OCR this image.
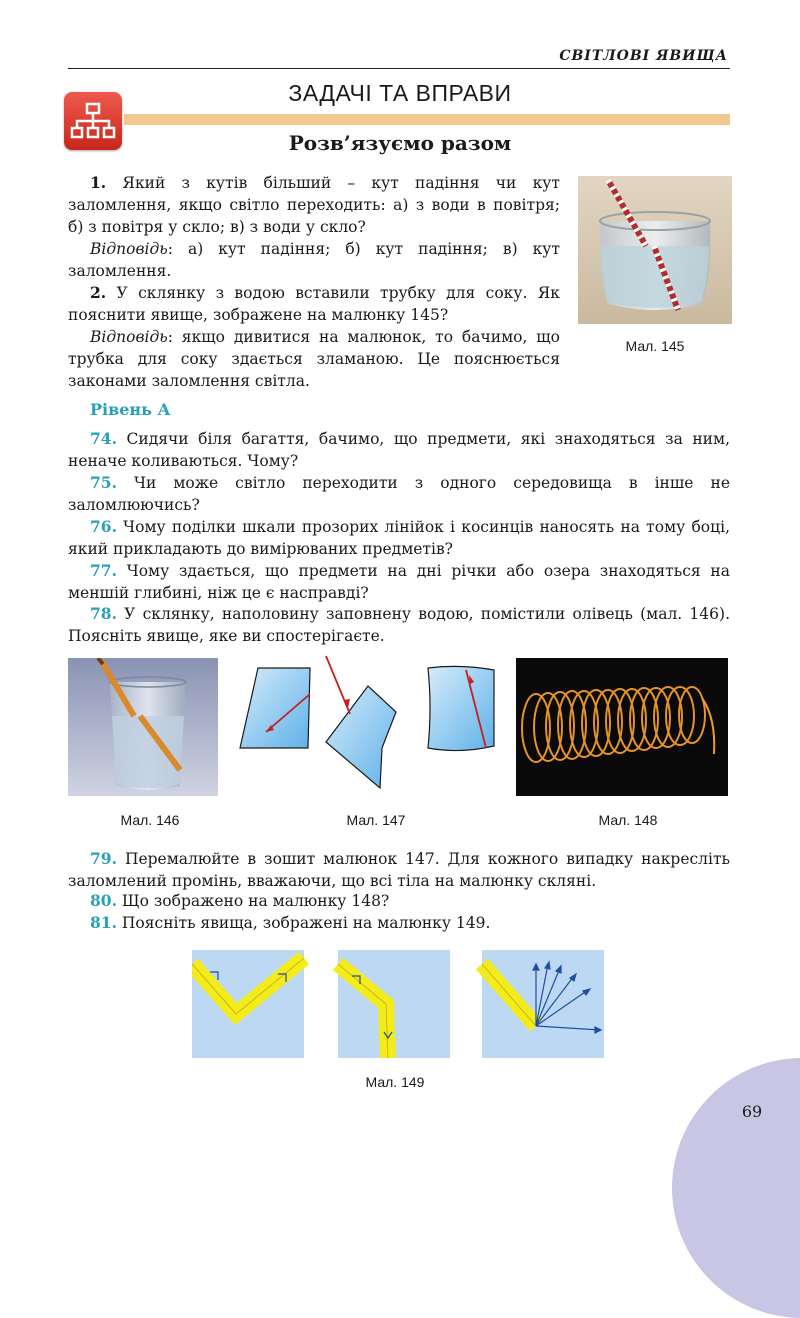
СВІТЛОВІ ЯВИЩА
ЗАДАЧІ ТА ВПРАВИ
Розв’язуємо разом

1. Який з кутів більший – кут падіння чи кут заломлення, якщо світло переходить: а) з води в повітря; б) з повітря у скло; в) з води у скло?

Відповідь: а) кут падіння; б) кут падіння; в) кут заломлення.

2. У склянку з водою вставили трубку для соку. Як пояснити явище, зображене на малюнку 145?

Відповідь: якщо дивитися на малюнок, то бачимо, що трубка для соку здається зламаною. Це пояснюється законами заломлення світла.

Мал. 145
Рівень А

74. Сидячи біля багаття, бачимо, що предмети, які знаходяться за ним, неначе коливаються. Чому?

75. Чи може світло переходити з одного середовища в інше не заломлюючись?

76. Чому поділки шкали прозорих лінійок і косинців наносять на тому боці, який прикладають до вимірюваних предметів?

77. Чому здається, що предмети на дні річки або озера знаходяться на меншій глибині, ніж це є насправді?

78. У склянку, наполовину заповнену водою, помістили олівець (мал. 146). Поясніть явище, яке ви спостерігаєте.

Мал. 146	Мал. 147	Мал. 148

79. Перемалюйте в зошит малюнок 147. Для кожного випадку накресліть заломлений промінь, вважаючи, що всі тіла на малюнку скляні.

80. Що зображено на малюнку 148?

81. Поясніть явища, зображені на малюнку 149.

Мал. 149
69
